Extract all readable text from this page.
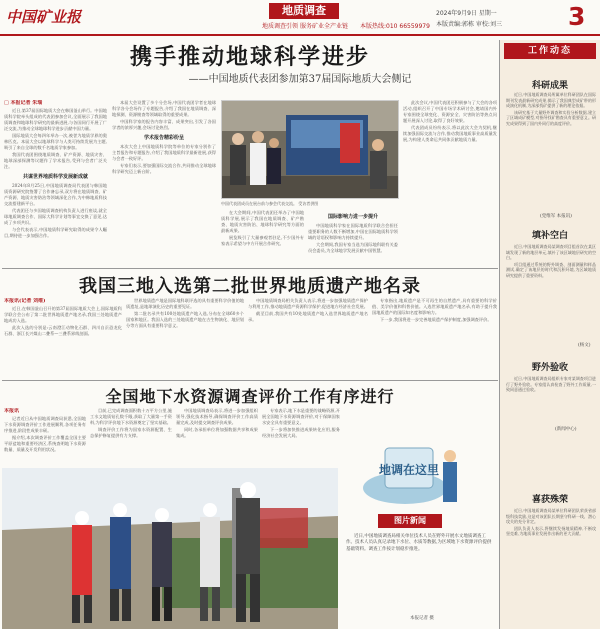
中国矿业报	地质调查
地质调查引领 服务矿业全产业链	本版热线:010 66559979
2024年9月9日 星期一
本版责编:郭栋 审校:刘三	3
携手推动地球科学进步
——中国地质代表团参加第37届国际地质大会侧记
□ 本报记者 朱瑞

近日,第37届国际地质大会在韩国釜山举行。中国地质科学院牵头组成的代表团参加会议,全面展示了我国地质调查和地球科学研究的最新进展,与各国同行开展了广泛交流,为推动全球地球科学进步贡献中国力量。

国际地质大会每四年举办一次,被誉为地质学界的奥林匹克。本届大会以地球科学与人类可持续发展为主题,吸引了来自全球的数千名地质学家参加。

我国代表团围绕地质调查、矿产资源、地质灾害、地球深部探测等议题作了学术报告,受到与会者广泛关注。

共谋世界地质科学发展新成就

2024年8月25日,中国地质调查局代表团与韩国地质资源研究院签署了合作备忘录,双方将在地质调查、矿产资源、地质灾害防治等领域深化合作,为中韩地质科技交流搭建新平台。

代表团还与多国地质调查机构负责人进行座谈,就全球地质调查合作、国际大科学计划等事宜交换了意见,达成了多项共识。

与会代表表示,中国地质科学研究取得的成果令人瞩目,期待进一步加强合作。

本届大会设置了多个分会场,中国代表团学者在地球科学各分会场作了专题报告,介绍了我国在地质调查、深地探测、资源勘查等领域取得的重要成果。

中国科学家的报告内容丰富、成果突出,引发了各国学者的浓厚兴趣,会场讨论热烈。

学术报告精彩纷呈

本次大会上中国地质科学院等单位的专家分别作了主旨报告和专题报告,介绍了我国地质科学最新进展,获得与会者一致好评。

专家们表示,要加强国际交流合作,共同推动全球地球科学研究迈上新台阶。

中国代表团成员在展台前与参会代表交流。 受访者供图

在大会期间,中国代表团还举办了中国地质科学展,展示了我国在地质调查、矿产勘查、地质灾害防治、地球科学研究等方面的最新成果。

展览吸引了大量参观者驻足,不少国外专家表示希望与中方开展合作研究。

国际影响力进一步提升

中国地质科学家在国际地质科学联合会担任重要职务的人数不断增加,中国在国际地质科学领域的话语权和影响力持续提升。

大会期间,我国专家当选为国际地科联有关委员会委员,为全球地学发展贡献中国智慧。

此次会议,中国代表团还积极参与了大会的各项活动,组织召开了中国专场学术研讨会,邀请国内外专家围绕全球变化、资源安全、灾害防治等热点问题开展深入讨论,取得了良好效果。

代表团成员纷纷表示,将以此次大会为契机,继续加强国际交流与合作,推动我国地质事业高质量发展,为构建人类命运共同体贡献地质力量。

我国三地入选第二批世界地质遗产地名录
本报讯(记者 刘维)

近日,在韩国釜山召开的第37届国际地质大会上,国际地质科学联合会公布了第二批世界地质遗产地名录,我国三处地质遗产地成功入选。

此次入选的分别是:云南澄江动物化石群、四川自贡恐龙化石群、浙江长兴煤山二叠系—三叠系界线剖面。

世界地质遗产地是国际地科联评选的具有重要科学价值的地质遗址,是地球演化历史的重要见证。

第二批名录共有100处地质遗产地入选,分布在全球60多个国家和地区。我国入选的三处地质遗产地在古生物演化、地层划分等方面具有重要科学意义。

中国地质调查局相关负责人表示,将进一步加强地质遗产保护与利用工作,推动地质遗产资源科学保护,促进地方经济社会发展。

截至目前,我国共有10处地质遗产地入选世界地质遗产地名录。

专家指出,地质遗产是不可再生的自然遗产,具有重要的科学价值、美学价值和科普价值。入选世界地质遗产地名录,有助于提升我国地质遗产的国际知名度和影响力。

下一步,我国将进一步完善地质遗产保护制度,加强调查评价。

全国地下水资源调查评价工作有序进行
本报讯

记者近日从中国地质调查局获悉,全国地下水资源调查评价工作进展顺利,各项任务有序推进,阶段性成果丰硕。

据介绍,本次调查评价工作覆盖全国主要平原盆地和重要经济区,系统查明地下水资源数量、质量及开发利用状况。

目前,已完成调查面积数十万平方公里,施工水文地质钻孔数千眼,获取了大量第一手资料,为科学评价地下水资源奠定了坚实基础。

调查评价工作将为国家水资源配置、生态保护修复提供有力支撑。

中国地质调查局表示,将进一步加强组织领导,强化技术指导,确保调查评价工作高质量完成,及时提交调查评价成果。

同时,各承担单位将加强数据共享和成果集成。

专家表示,地下水是重要的战略资源,开展全国地下水资源调查评价,对于保障国家水安全具有重要意义。

下一步将加快推进成果转化应用,服务经济社会发展大局。

地调在这里
图片新闻
近日,中国地质调查局相关单位技术人员在野外开展水文地质调查工作。技术人员认真记录地下水位、水质等数据,为区域地下水资源评价提供基础资料。调查工作按计划稳步推进。
本报记者 摄
工作动态
科研成果

近日,中国地质调查局所属单位科研团队在国际期刊发表最新研究成果,揭示了我国典型成矿带的形成演化机制,为深部找矿提供了新的理论依据。

该研究基于大量野外调查和实验分析数据,建立了区域成矿模型,对指导找矿勘查具有重要意义。研究成果得到了国内外同行的高度评价。

(党维军 本报讯)
填补空白

近日,中国地质调查局某调查项目组首次在某区域发现了新的地层单元,填补了该区域地层研究的空白。

项目组通过系统的野外调查、剖面测量和样品测试,确定了该地层的时代和沉积环境,为区域地质研究提供了重要资料。

(杨文)
野外验收

近日,中国地质调查局组织专家对某调查项目进行了野外验收。专家组认真检查了野外工作质量,一致同意通过验收。

(新闻中心)
喜获殊荣

近日,中国地质调查局某单位科研团队荣获省部级科技奖励,这是对该团队长期坚守科研一线、潜心攻关的充分肯定。

团队负责人表示,将继续发扬地质精神,不断攻坚克难,为地质事业发展作出新的更大贡献。
